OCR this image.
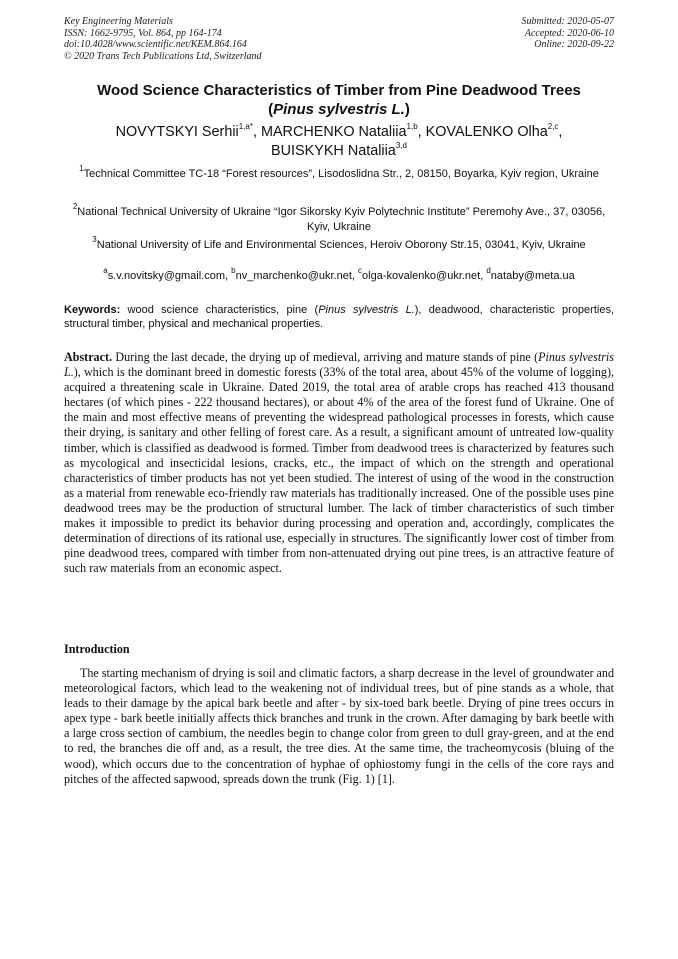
Key Engineering Materials
ISSN: 1662-9795, Vol. 864, pp 164-174
doi:10.4028/www.scientific.net/KEM.864.164
© 2020 Trans Tech Publications Ltd, Switzerland
Submitted: 2020-05-07
Accepted: 2020-06-10
Online: 2020-09-22
Wood Science Characteristics of Timber from Pine Deadwood Trees
(Pinus sylvestris L.)
NOVYTSKYI Serhii$^{1,a*}$, MARCHENKO Nataliia$^{1,b}$, KOVALENKO Olha$^{2,c}$,
BUISKYKH Nataliia$^{3,d}$
$^1$Technical Committee TC-18 “Forest resources”, Lisodoslidna Str., 2, 08150, Boyarka, Kyiv region, Ukraine
$^2$National Technical University of Ukraine “Igor Sikorsky Kyiv Polytechnic Institute” Peremohy Ave., 37, 03056, Kyiv, Ukraine
$^3$National University of Life and Environmental Sciences, Heroiv Oborony Str.15, 03041, Kyiv, Ukraine
$^a$s.v.novitsky@gmail.com, $^b$nv_marchenko@ukr.net, $^c$olga-kovalenko@ukr.net, $^d$nataby@meta.ua
Keywords: wood science characteristics, pine (Pinus sylvestris L.), deadwood, characteristic properties, structural timber, physical and mechanical properties.
Abstract. During the last decade, the drying up of medieval, arriving and mature stands of pine (Pinus sylvestris L.), which is the dominant breed in domestic forests (33% of the total area, about 45% of the volume of logging), acquired a threatening scale in Ukraine. Dated 2019, the total area of arable crops has reached 413 thousand hectares (of which pines - 222 thousand hectares), or about 4% of the area of the forest fund of Ukraine. One of the main and most effective means of preventing the widespread pathological processes in forests, which cause their drying, is sanitary and other felling of forest care. As a result, a significant amount of untreated low-quality timber, which is classified as deadwood is formed. Timber from deadwood trees is characterized by features such as mycological and insecticidal lesions, cracks, etc., the impact of which on the strength and operational characteristics of timber products has not yet been studied. The interest of using of the wood in the construction as a material from renewable eco-friendly raw materials has traditionally increased. One of the possible uses pine deadwood trees may be the production of structural lumber. The lack of timber characteristics of such timber makes it impossible to predict its behavior during processing and operation and, accordingly, complicates the determination of directions of its rational use, especially in structures. The significantly lower cost of timber from pine deadwood trees, compared with timber from non-attenuated drying out pine trees, is an attractive feature of such raw materials from an economic aspect.
Introduction
The starting mechanism of drying is soil and climatic factors, a sharp decrease in the level of groundwater and meteorological factors, which lead to the weakening not of individual trees, but of pine stands as a whole, that leads to their damage by the apical bark beetle and after - by six-toed bark beetle. Drying of pine trees occurs in apex type - bark beetle initially affects thick branches and trunk in the crown. After damaging by bark beetle with a large cross section of cambium, the needles begin to change color from green to dull gray-green, and at the end to red, the branches die off and, as a result, the tree dies. At the same time, the tracheomycosis (bluing of the wood), which occurs due to the concentration of hyphae of ophiostomy fungi in the cells of the core rays and pitches of the affected sapwood, spreads down the trunk (Fig. 1) [1].
